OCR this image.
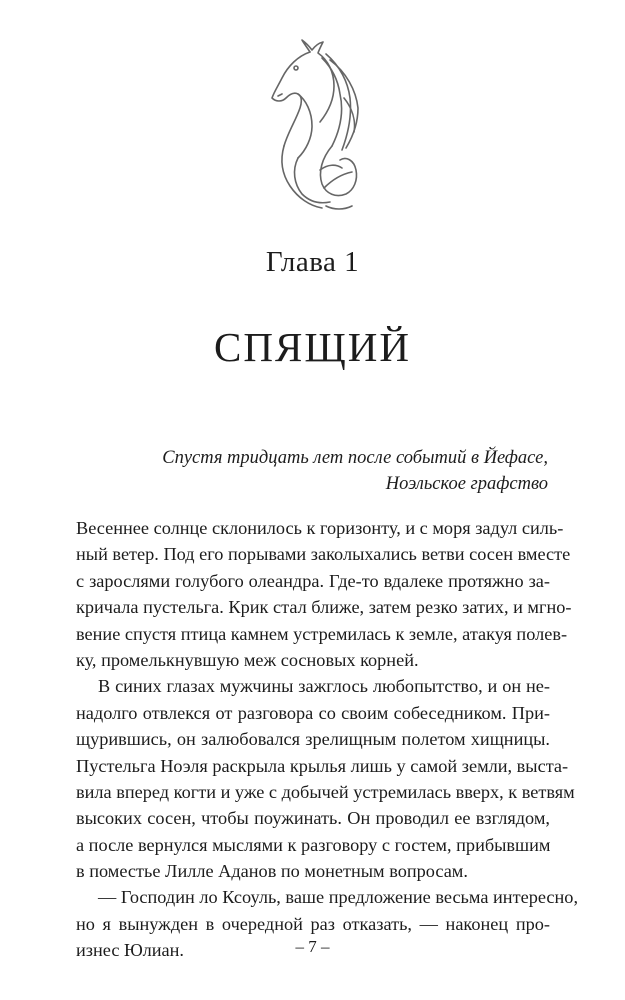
Глава 1
СПЯЩИЙ
Спустя тридцать лет после событий в Йефасе,
Ноэльское графство
Весеннее солнце склонилось к горизонту, и с моря задул силь-
ный ветер. Под его порывами заколыхались ветви сосен вместе
с зарослями голубого олеандра. Где-то вдалеке протяжно за-
кричала пустельга. Крик стал ближе, затем резко затих, и мгно-
вение спустя птица камнем устремилась к земле, атакуя полев-
ку, промелькнувшую меж сосновых корней.
В синих глазах мужчины зажглось любопытство, и он не-
надолго отвлекся от разговора со своим собеседником. При-
щурившись, он залюбовался зрелищным полетом хищницы.
Пустельга Ноэля раскрыла крылья лишь у самой земли, выста-
вила вперед когти и уже с добычей устремилась вверх, к ветвям
высоких сосен, чтобы поужинать. Он проводил ее взглядом,
а после вернулся мыслями к разговору с гостем, прибывшим
в поместье Лилле Аданов по монетным вопросам.
— Господин ло Ксоуль, ваше предложение весьма интересно,
но я вынужден в очередной раз отказать, — наконец про-
изнес Юлиан.	– 7 –
